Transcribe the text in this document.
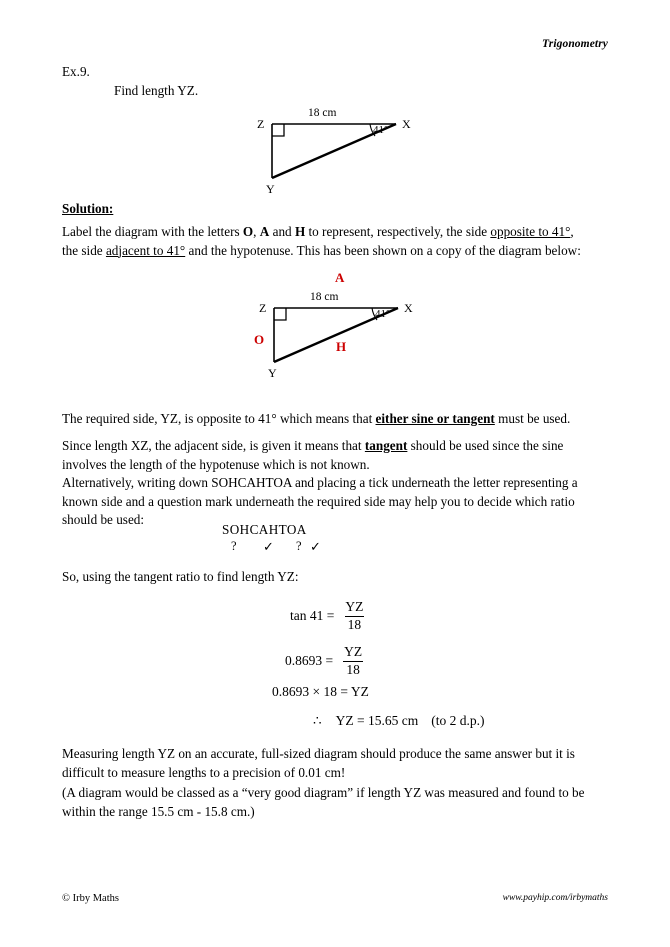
Trigonometry
Ex.9.
Find length YZ.
41°
Z	X
Y
18 cm
Solution:
Label the diagram with the letters O, A and H to represent, respectively, the side opposite to 41°,
the side adjacent to 41° and the hypotenuse. This has been shown on a copy of the diagram below:
A
18 cm
41°
O	H
Z	X
Y
The required side, YZ, is opposite to 41° which means that either sine or tangent must be used.
Since length XZ, the adjacent side, is given it means that tangent should be used since the sine
involves the length of the hypotenuse which is not known.
Alternatively, writing down SOHCAHTOA and placing a tick underneath the letter representing a
known side and a question mark underneath the required side may help you to decide which ratio
should be used:
SOHCAHTOA
? ✓ ? ✓
So, using the tangent ratio to find length YZ:
$\tan 41 = \frac{YZ}{18}$
$0.8693 = \frac{YZ}{18}$
0.8693 × 18 = YZ
∴	YZ = 15.65 cm (to 2 d.p.)
Measuring length YZ on an accurate, full-sized diagram should produce the same answer but it is
difficult to measure lengths to a precision of 0.01 cm!
(A diagram would be classed as a “very good diagram” if length YZ was measured and found to be
within the range 15.5 cm - 15.8 cm.)
© Irby Maths	www.payhip.com/irbymaths
